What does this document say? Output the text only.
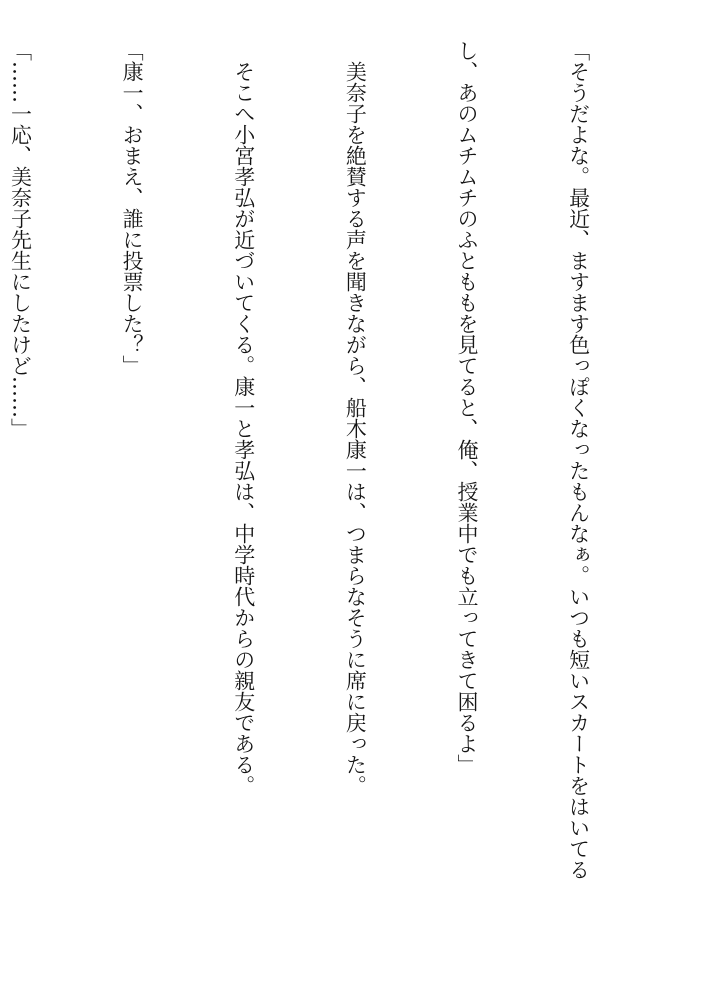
「そうだよな。最近、ますます色っぽくなったもんなぁ。いつも短いスカートをはいてる

し、あのムチムチのふとももを見てると、俺、授業中でも立ってきて困るよ」

　美奈子を絶賛する声を聞きながら、船木康一は、つまらなそうに席に戻った。

　そこへ小宮孝弘が近づいてくる。康一と孝弘は、中学時代からの親友である。

「康一、おまえ、誰に投票した？」

「……一応、美奈子先生にしたけど……」
